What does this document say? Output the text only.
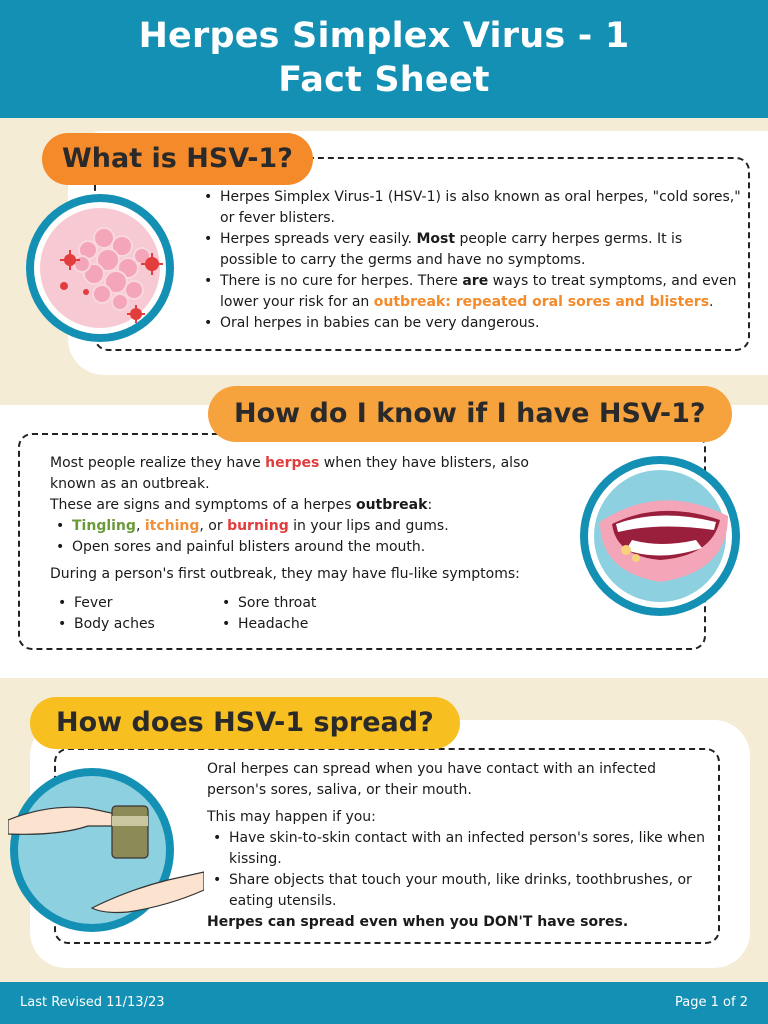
Herpes Simplex Virus - 1
Fact Sheet
What is HSV-1?
• Herpes Simplex Virus-1 (HSV-1) is also known as oral herpes, "cold sores," or fever blisters.
• Herpes spreads very easily. Most people carry herpes germs. It is possible to carry the germs and have no symptoms.
• There is no cure for herpes. There are ways to treat symptoms, and even lower your risk for an outbreak: repeated oral sores and blisters.
• Oral herpes in babies can be very dangerous.
How do I know if I have HSV-1?

Most people realize they have herpes when they have blisters, also known as an outbreak.

These are signs and symptoms of a herpes outbreak:

• Tingling, itching, or burning in your lips and gums.
• Open sores and painful blisters around the mouth.

During a person's first outbreak, they may have flu-like symptoms:

• Fever
• Body aches
• Sore throat
• Headache
How does HSV-1 spread?

Oral herpes can spread when you have contact with an infected person's sores, saliva, or their mouth.

This may happen if you:

• Have skin-to-skin contact with an infected person's sores, like when kissing.
• Share objects that touch your mouth, like drinks, toothbrushes, or eating utensils.

Herpes can spread even when you DON'T have sores.

Last Revised 11/13/23	Page 1 of 2
